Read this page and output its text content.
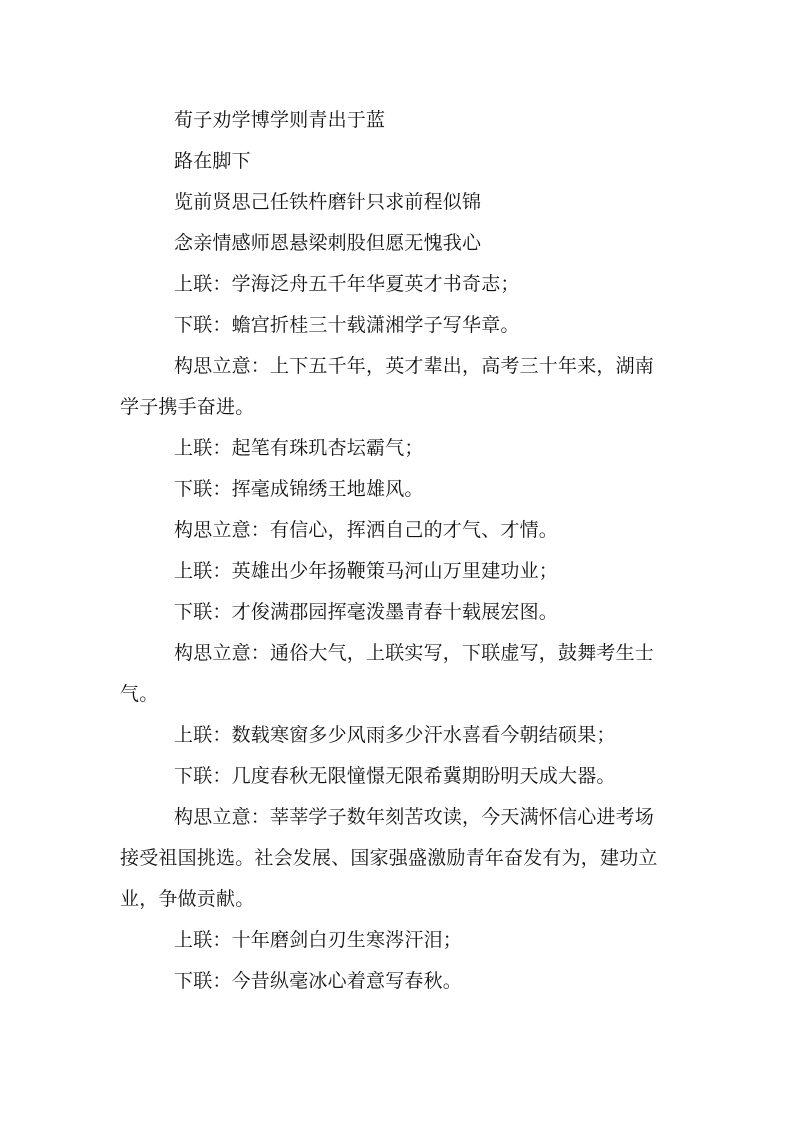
荀子劝学博学则青出于蓝

路在脚下

览前贤思己任铁杵磨针只求前程似锦

念亲情感师恩悬梁刺股但愿无愧我心

上联：学海泛舟五千年华夏英才书奇志；

下联：蟾宫折桂三十载潇湘学子写华章。

构思立意：上下五千年，英才辈出，高考三十年来，湖南学子携手奋进。

上联：起笔有珠玑杏坛霸气；

下联：挥毫成锦绣王地雄风。

构思立意：有信心，挥洒自己的才气、才情。

上联：英雄出少年扬鞭策马河山万里建功业；

下联：才俊满郡园挥毫泼墨青春十载展宏图。

构思立意：通俗大气，上联实写，下联虚写，鼓舞考生士气。

上联：数载寒窗多少风雨多少汗水喜看今朝结硕果；

下联：几度春秋无限憧憬无限希冀期盼明天成大器。

构思立意：莘莘学子数年刻苦攻读，今天满怀信心进考场接受祖国挑选。社会发展、国家强盛激励青年奋发有为，建功立业，争做贡献。

上联：十年磨剑白刃生寒涔汗泪；

下联：今昔纵毫冰心着意写春秋。
